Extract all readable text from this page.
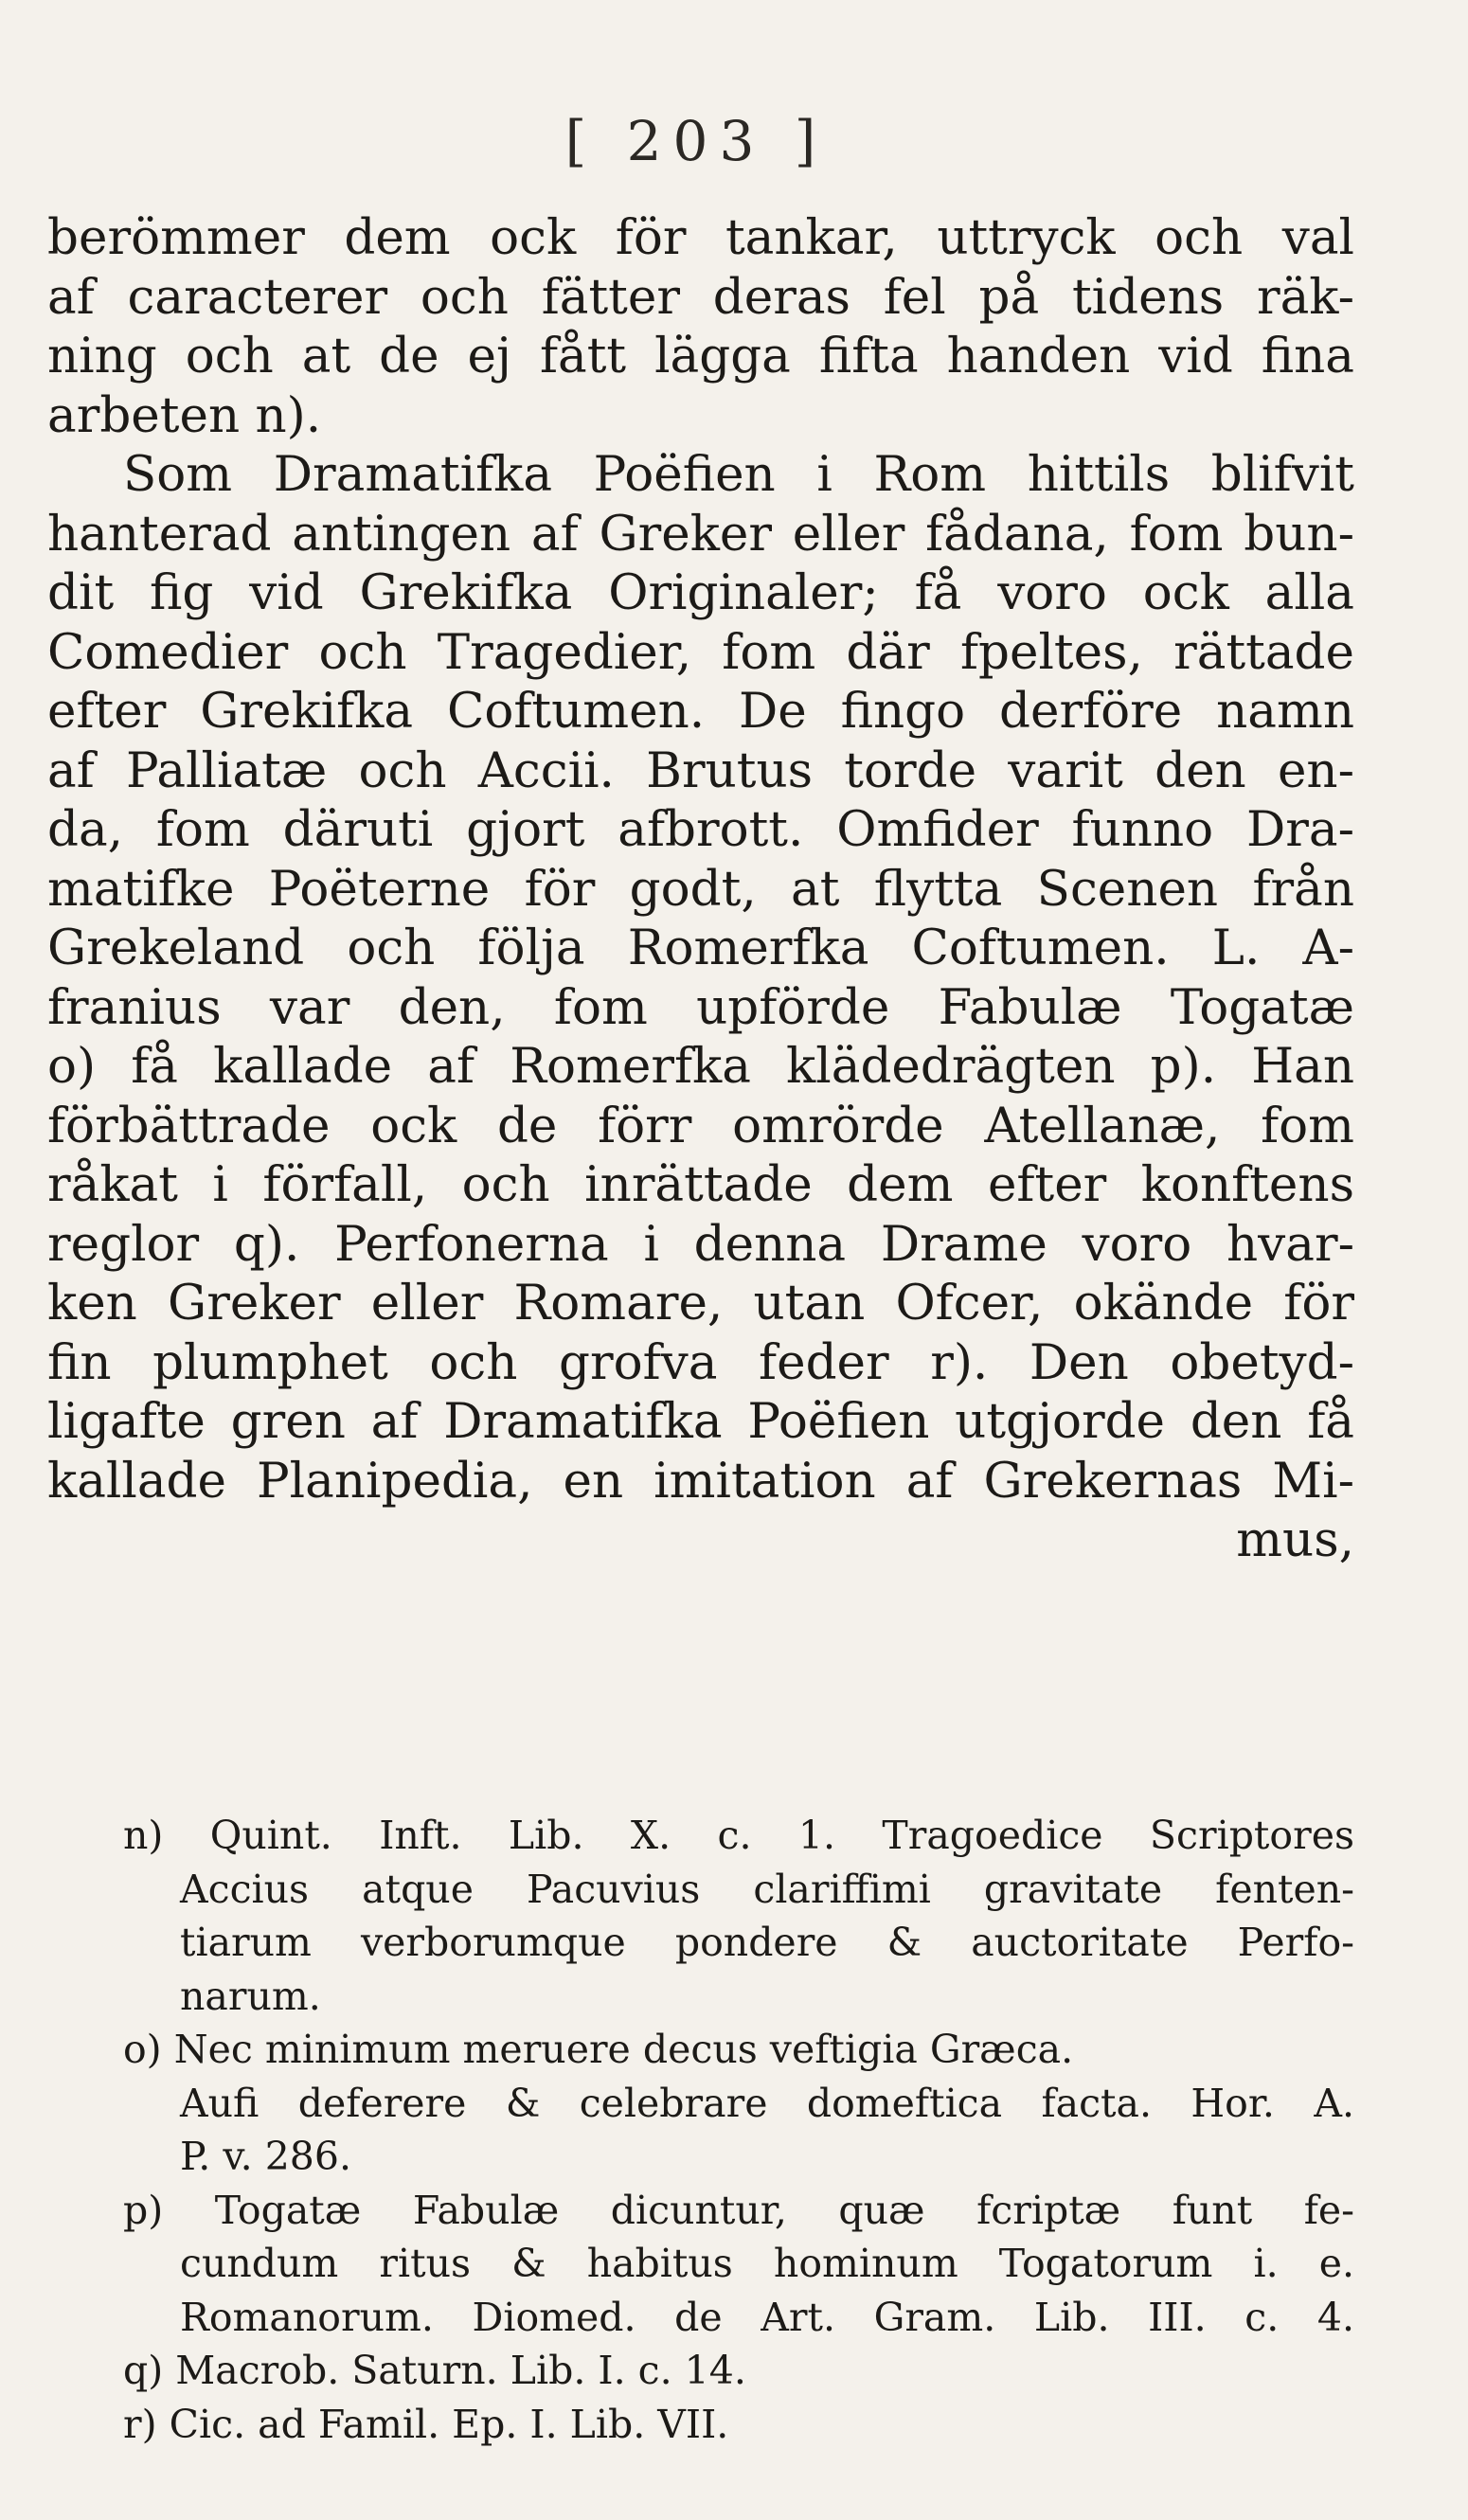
[ 203 ]
berömmer dem ock för tankar, uttryck och val
af caracterer och fätter deras fel på tidens räk-
ning och at de ej fått lägga fifta handen vid fina
arbeten n).
Som Dramatifka Poëfien i Rom hittils blifvit
hanterad antingen af Greker eller fådana, fom bun-
dit fig vid Grekifka Originaler; få voro ock alla
Comedier och Tragedier, fom där fpeltes, rättade
efter Grekifka Coftumen. De fingo derföre namn
af Palliatæ och Accii. Brutus torde varit den en-
da, fom däruti gjort afbrott. Omfider funno Dra-
matifke Poëterne för godt, at flytta Scenen från
Grekeland och följa Romerfka Coftumen. L. A-
franius var den, fom upförde Fabulæ Togatæ
o) få kallade af Romerfka klädedrägten p). Han
förbättrade ock de förr omrörde Atellanæ, fom
råkat i förfall, och inrättade dem efter konftens
reglor q). Perfonerna i denna Drame voro hvar-
ken Greker eller Romare, utan Ofcer, okände för
fin plumphet och grofva feder r). Den obetyd-
ligafte gren af Dramatifka Poëfien utgjorde den få
kallade Planipedia, en imitation af Grekernas Mi-
mus,
n) Quint. Inft. Lib. X. c. 1. Tragoedice Scriptores
Accius atque Pacuvius clariffimi gravitate fenten-
tiarum verborumque pondere & auctoritate Perfo-
narum.
o) Nec minimum meruere decus veftigia Græca.
Aufi deferere & celebrare domeftica facta. Hor. A.
P. v. 286.
p) Togatæ Fabulæ dicuntur, quæ fcriptæ funt fe-
cundum ritus & habitus hominum Togatorum i. e.
Romanorum. Diomed. de Art. Gram. Lib. III. c. 4.
q) Macrob. Saturn. Lib. I. c. 14.
r) Cic. ad Famil. Ep. I. Lib. VII.
